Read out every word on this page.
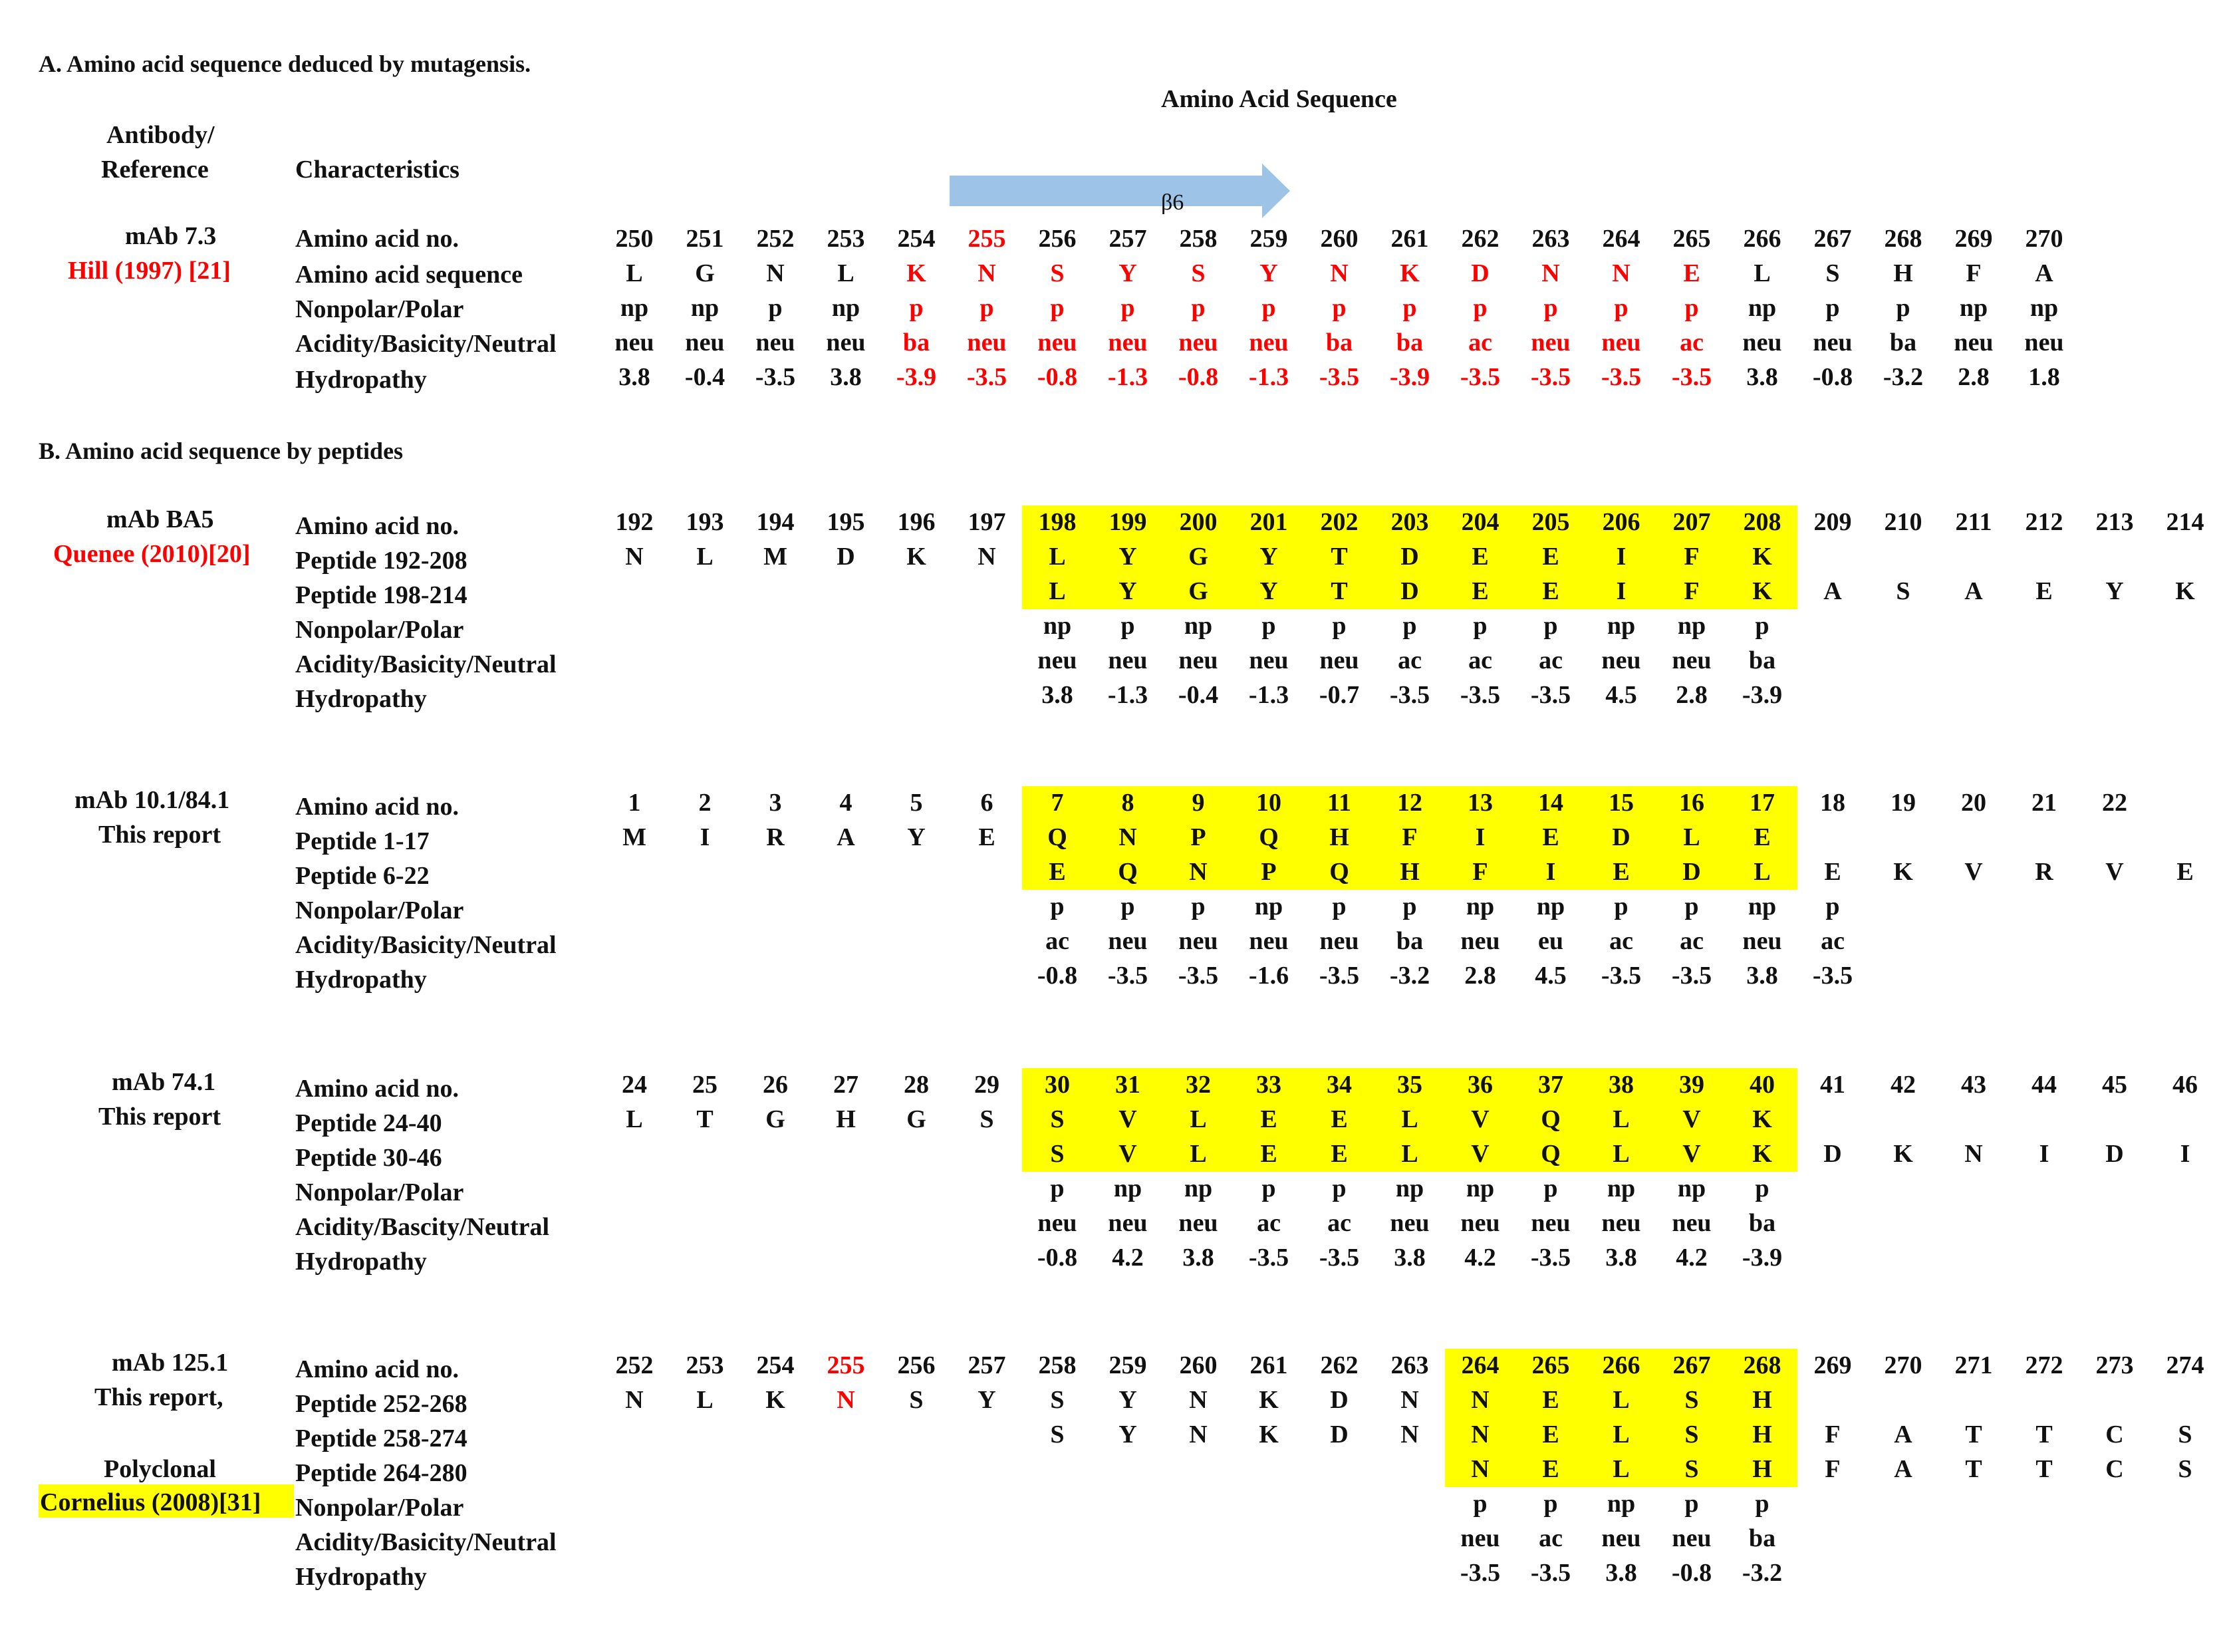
A. Amino acid sequence deduced by mutagensis.
Amino Acid Sequence
Antibody/
Reference	Characteristics
β6
mAb 7.3
Hill (1997) [21]
Amino acid no.
Amino acid sequence
Nonpolar/Polar
Acidity/Basicity/Neutral
Hydropathy
250 251 252 253 254 255 256 257 258 259 260 261 262 263 264 265 266 267 268 269 270
L G N L K N S Y S Y N K D N N E L S H F A
np np p np p p p p p p p p p p p p np p p np np
neu neu neu neu ba neu neu neu neu neu ba ba ac neu neu ac neu neu ba neu neu
3.8 -0.4 -3.5 3.8 -3.9 -3.5 -0.8 -1.3 -0.8 -1.3 -3.5 -3.9 -3.5 -3.5 -3.5 -3.5 3.8 -0.8 -3.2 2.8 1.8
B. Amino acid sequence by peptides
mAb BA5
Quenee (2010)[20]
mAb 10.1/84.1
This report
mAb 74.1
This report
mAb 125.1
This report,
Polyclonal
Cornelius (2008)[31]
Amino acid no.
Peptide 192-208
Peptide 198-214
Nonpolar/Polar
Acidity/Basicity/Neutral
Hydropathy
192 193 194 195 196 197 198 199 200 201 202 203 204 205 206 207 208 209 210 211 212 213 214
N L M D K N L Y G Y T D E E I F K
L Y G Y T D E E I F K A S A E Y K
np p np p p p p p np np p
neu neu neu neu neu ac ac ac neu neu ba
3.8 -1.3 -0.4 -1.3 -0.7 -3.5 -3.5 -3.5 4.5 2.8 -3.9
Amino acid no.
Peptide 1-17
Peptide 6-22
Nonpolar/Polar
Acidity/Basicity/Neutral
Hydropathy
1 2 3 4 5 6 7 8 9 10 11 12 13 14 15 16 17 18 19 20 21 22
M I R A Y E Q N P Q H F I E D L E
E Q N P Q H F I E D L E K V R V E
p p p np p p np np p p np p
ac neu neu neu neu ba neu eu ac ac neu ac
-0.8 -3.5 -3.5 -1.6 -3.5 -3.2 2.8 4.5 -3.5 -3.5 3.8 -3.5
Amino acid no.
Peptide 24-40
Peptide 30-46
Nonpolar/Polar
Acidity/Bascity/Neutral
Hydropathy
24 25 26 27 28 29 30 31 32 33 34 35 36 37 38 39 40 41 42 43 44 45 46
L T G H G S S V L E E L V Q L V K
S V L E E L V Q L V K D K N I D I
p np np p p np np p np np p
neu neu neu ac ac neu neu neu neu neu ba
-0.8 4.2 3.8 -3.5 -3.5 3.8 4.2 -3.5 3.8 4.2 -3.9
Amino acid no.
Peptide 252-268
Peptide 258-274
Peptide 264-280
Nonpolar/Polar
Acidity/Basicity/Neutral
Hydropathy
252 253 254 255 256 257 258 259 260 261 262 263 264 265 266 267 268 269 270 271 272 273 274
N L K N S Y S Y N K D N N E L S H
S Y N K D N N E L S H F A T T C S
N E L S H F A T T C S
p p np p p
neu ac neu neu ba
-3.5 -3.5 3.8 -0.8 -3.2
